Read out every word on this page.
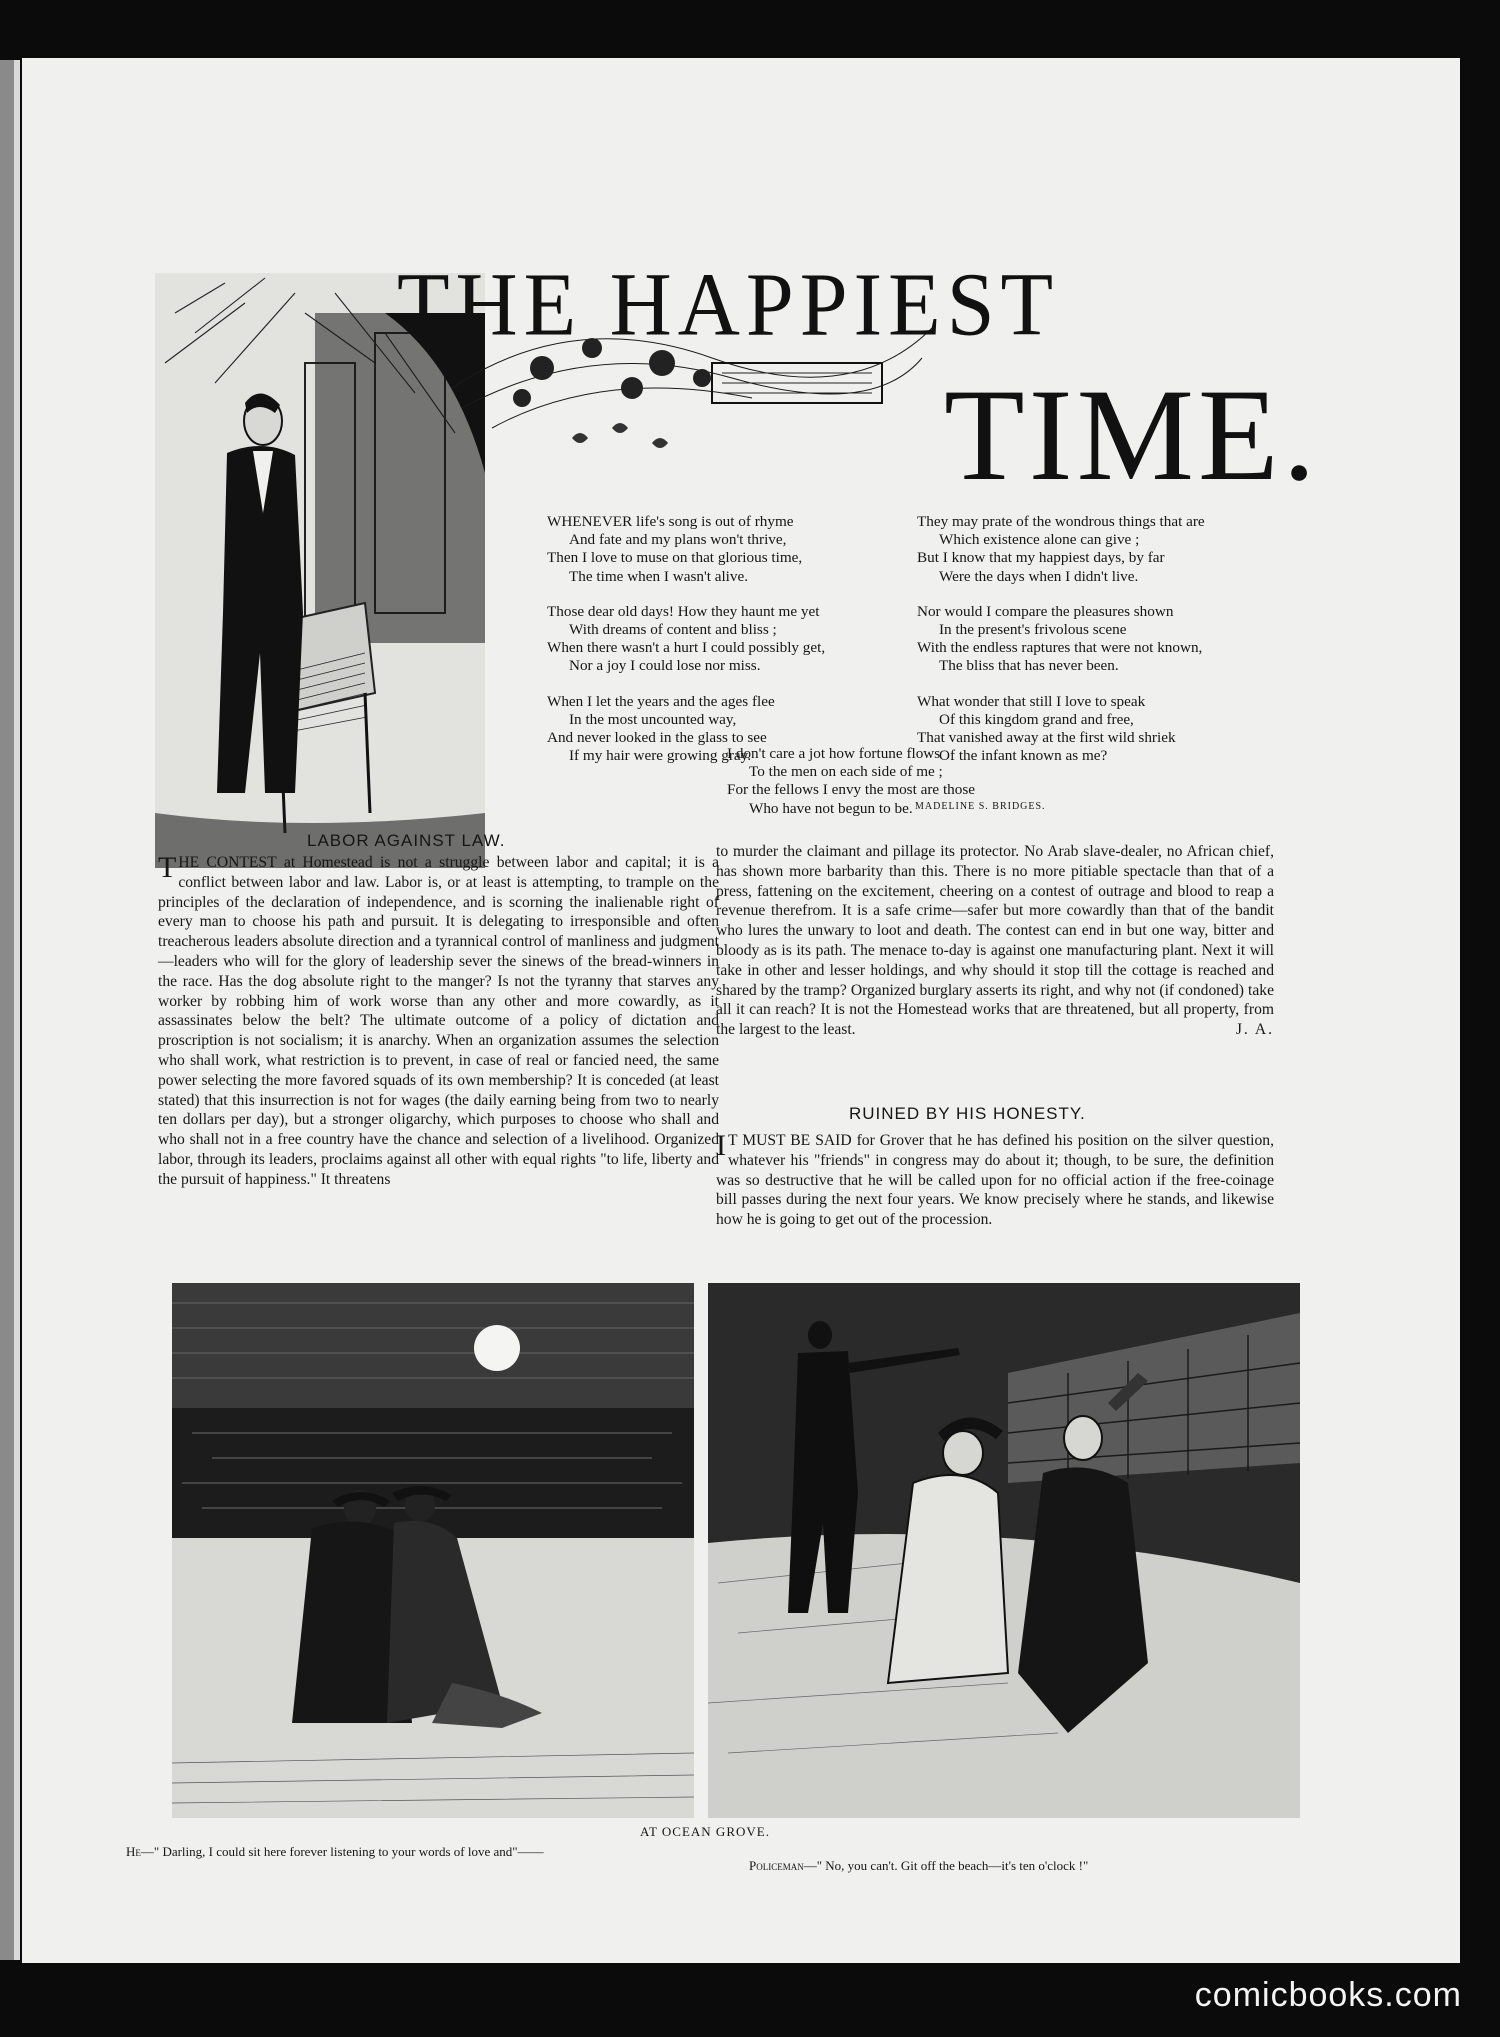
THE HAPPIEST
TIME.
WHENEVER life's song is out of rhyme
And fate and my plans won't thrive,
Then I love to muse on that glorious time,
The time when I wasn't alive.
Those dear old days! How they haunt me yet
With dreams of content and bliss ;
When there wasn't a hurt I could possibly get,
Nor a joy I could lose nor miss.
When I let the years and the ages flee
In the most uncounted way,
And never looked in the glass to see
If my hair were growing gray.
They may prate of the wondrous things that are
Which existence alone can give ;
But I know that my happiest days, by far
Were the days when I didn't live.
Nor would I compare the pleasures shown
In the present's frivolous scene
With the endless raptures that were not known,
The bliss that has never been.
What wonder that still I love to speak
Of this kingdom grand and free,
That vanished away at the first wild shriek
Of the infant known as me?
I don't care a jot how fortune flows
To the men on each side of me ;
For the fellows I envy the most are those
Who have not begun to be. MADELINE S. BRIDGES.
LABOR AGAINST LAW.

THE CONTEST at Homestead is not a struggle between labor and capital; it is a conflict between labor and law. Labor is, or at least is attempting, to trample on the principles of the declaration of independence, and is scorning the inalienable right of every man to choose his path and pursuit. It is delegating to irresponsible and often treacherous leaders absolute direction and a tyrannical control of manliness and judgment—leaders who will for the glory of leadership sever the sinews of the bread-winners in the race. Has the dog absolute right to the manger? Is not the tyranny that starves any worker by robbing him of work worse than any other and more cowardly, as it assassinates below the belt? The ultimate outcome of a policy of dictation and proscription is not socialism; it is anarchy. When an organization assumes the selection who shall work, what restriction is to prevent, in case of real or fancied need, the same power selecting the more favored squads of its own membership? It is conceded (at least stated) that this insurrection is not for wages (the daily earning being from two to nearly ten dollars per day), but a stronger oligarchy, which purposes to choose who shall and who shall not in a free country have the chance and selection of a livelihood. Organized labor, through its leaders, proclaims against all other with equal rights "to life, liberty and the pursuit of happiness." It threatens

to murder the claimant and pillage its protector. No Arab slave-dealer, no African chief, has shown more barbarity than this. There is no more pitiable spectacle than that of a press, fattening on the excitement, cheering on a contest of outrage and blood to reap a revenue therefrom. It is a safe crime—safer but more cowardly than that of the bandit who lures the unwary to loot and death. The contest can end in but one way, bitter and bloody as is its path. The menace to-day is against one manufacturing plant. Next it will take in other and lesser holdings, and why should it stop till the cottage is reached and shared by the tramp? Organized burglary asserts its right, and why not (if condoned) take all it can reach? It is not the Homestead works that are threatened, but all property, from the largest to the least.	J. A.

RUINED BY HIS HONESTY.

I T MUST BE SAID for Grover that he has defined his position on the silver question, whatever his "friends" in congress may do about it; though, to be sure, the definition was so destructive that he will be called upon for no official action if the free-coinage bill passes during the next four years. We know precisely where he stands, and likewise how he is going to get out of the procession.

AT OCEAN GROVE.
He—" Darling, I could sit here forever listening to your words of love and"——
Policeman—" No, you can't. Git off the beach—it's ten o'clock !"
comicbooks.com
